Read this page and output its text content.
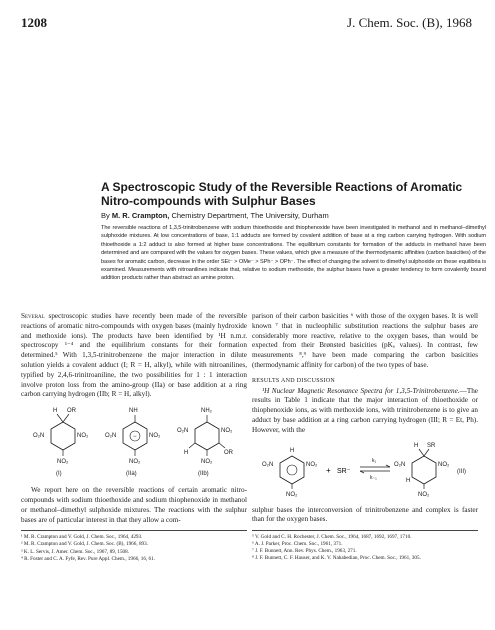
1208	J. Chem. Soc. (B), 1968
A Spectroscopic Study of the Reversible Reactions of Aromatic Nitro-compounds with Sulphur Bases
By M. R. Crampton, Chemistry Department, The University, Durham
The reversible reactions of 1,3,5-trinitrobenzene with sodium thioethoxide and thiophenoxide have been investigated in methanol and in methanol–dimethyl sulphoxide mixtures. At low concentrations of base, 1:1 adducts are formed by covalent addition of base at a ring carbon carrying hydrogen. With sodium thioethoxide a 1:2 adduct is also formed at higher base concentrations. The equilibrium constants for formation of the adducts in methanol have been determined and are compared with the values for oxygen bases. These values, which give a measure of the thermodynamic affinities (carbon basicities) of the bases for aromatic carbon, decrease in the order SEt⁻ > OMe⁻ > SPh⁻ > OPh⁻. The effect of changing the solvent to dimethyl sulphoxide on these equilibria is examined. Measurements with nitroanilines indicate that, relative to sodium methoxide, the sulphur bases have a greater tendency to form covalently bound addition products rather than abstract an amine proton.

Several spectroscopic studies have recently been made of the reversible reactions of aromatic nitro-compounds with oxygen bases (mainly hydroxide and methoxide ions). The products have been identified by ¹H n.m.r. spectroscopy ¹⁻⁴ and the equilibrium constants for their formation determined.⁵ With 1,3,5-trinitrobenzene the major interaction in dilute solution yields a covalent adduct (I; R = H, alkyl), while with nitroanilines, typified by 2,4,6-trinitroaniline, the two possibilities for 1 : 1 interaction involve proton loss from the amino-group (IIa) or base addition at a ring carbon carrying hydrogen (IIb; R = H, alkyl).

H OR
O₂N	NO₂
NO₂
(I)
NH
O₂N	NO₂
−
NO₂
(IIa)
NH₂
O₂N	NO₂
H	OR
NO₂
(IIb)

We report here on the reversible reactions of certain aromatic nitro-compounds with sodium thioethoxide and sodium thiophenoxide in methanol or methanol–dimethyl sulphoxide mixtures. The reactions with the sulphur bases are of particular interest in that they allow a com-

¹ M. R. Crampton and V. Gold, J. Chem. Soc., 1964, 4293.
² M. R. Crampton and V. Gold, J. Chem. Soc. (B), 1966, 893.
³ K. L. Servis, J. Amer. Chem. Soc., 1967, 89, 1508.
⁴ R. Foster and C. A. Fyfe, Rev. Pure Appl. Chem., 1966, 16, 61.

parison of their carbon basicities ⁶ with those of the oxygen bases. It is well known ⁷ that in nucleophilic substitution reactions the sulphur bases are considerably more reactive, relative to the oxygen bases, than would be expected from their Brønsted basicities (pKₐ values). In contrast, few measurements ⁸,⁹ have been made comparing the carbon basicities (thermodynamic affinity for carbon) of the two types of base.

RESULTS AND DISCUSSION

¹H Nuclear Magnetic Resonance Spectra for 1,3,5-Trinitrobenzene.—The results in Table 1 indicate that the major interaction of thioethoxide or thiophenoxide ions, as with methoxide ions, with trinitrobenzene is to give an adduct by base addition at a ring carbon carrying hydrogen (III; R = Et, Ph). However, with the

H
O₂N	NO₂
NO₂
+ SR⁻
k₁
k₋₁
H SR
O₂N	NO₂
H
NO₂
(III)

sulphur bases the interconversion of trinitrobenzene and complex is faster than for the oxygen bases.

⁵ V. Gold and C. H. Rochester, J. Chem. Soc., 1964, 1687, 1692, 1697, 1710.
⁶ A. J. Parker, Proc. Chem. Soc., 1961, 371.
⁷ J. F. Bunnett, Ann. Rev. Phys. Chem., 1963, 271.
⁸ J. F. Bunnett, C. F. Hauser, and K. V. Nahabedian, Proc. Chem. Soc., 1961, 305.
